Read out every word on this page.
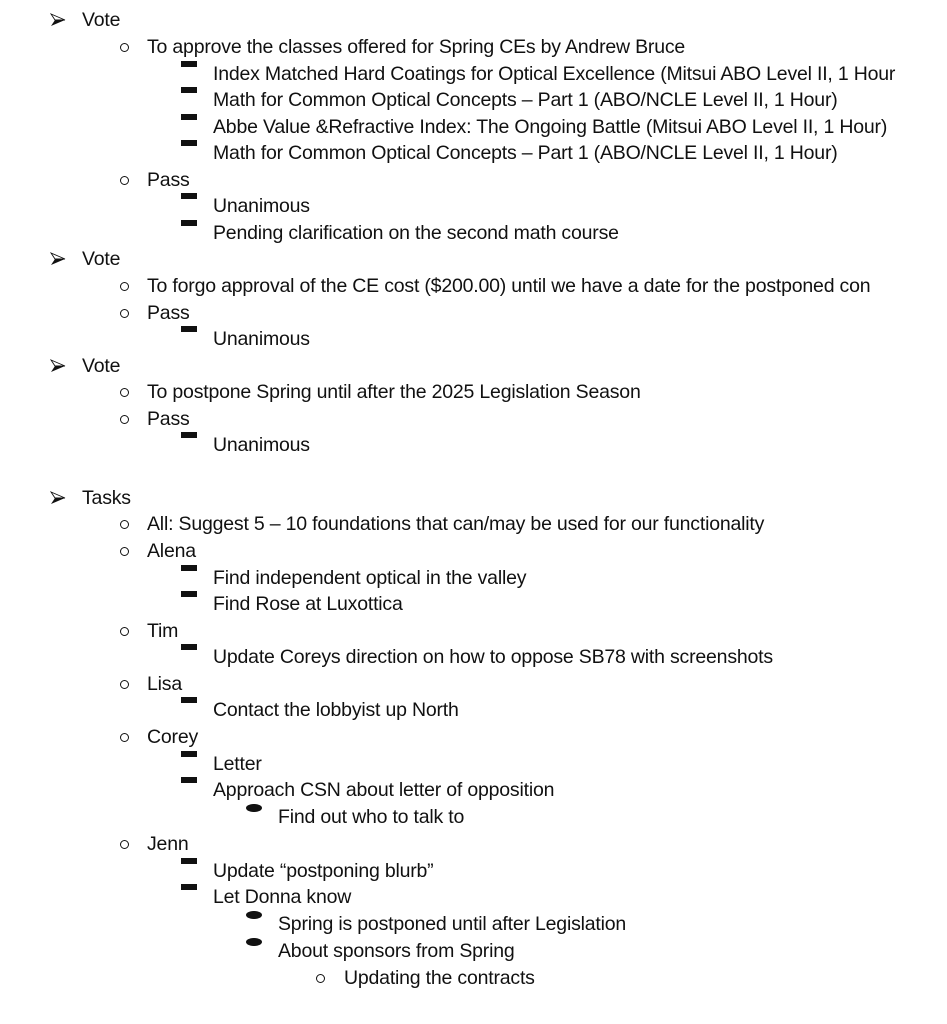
Vote
To approve the classes offered for Spring CEs by Andrew Bruce
Index Matched Hard Coatings for Optical Excellence (Mitsui ABO Level II, 1 Hour
Math for Common Optical Concepts – Part 1 (ABO/NCLE Level II, 1 Hour)
Abbe Value &Refractive Index: The Ongoing Battle (Mitsui ABO Level II, 1 Hour)
Math for Common Optical Concepts – Part 1 (ABO/NCLE Level II, 1 Hour)
Pass
Unanimous
Pending clarification on the second math course
Vote
To forgo approval of the CE cost ($200.00) until we have a date for the postponed con
Pass
Unanimous
Vote
To postpone Spring until after the 2025 Legislation Season
Pass
Unanimous
Tasks
All: Suggest 5 – 10 foundations that can/may be used for our functionality
Alena
Find independent optical in the valley
Find Rose at Luxottica
Tim
Update Coreys direction on how to oppose SB78 with screenshots
Lisa
Contact the lobbyist up North
Corey
Letter
Approach CSN about letter of opposition
Find out who to talk to
Jenn
Update “postponing blurb”
Let Donna know
Spring is postponed until after Legislation
About sponsors from Spring
Updating the contracts
